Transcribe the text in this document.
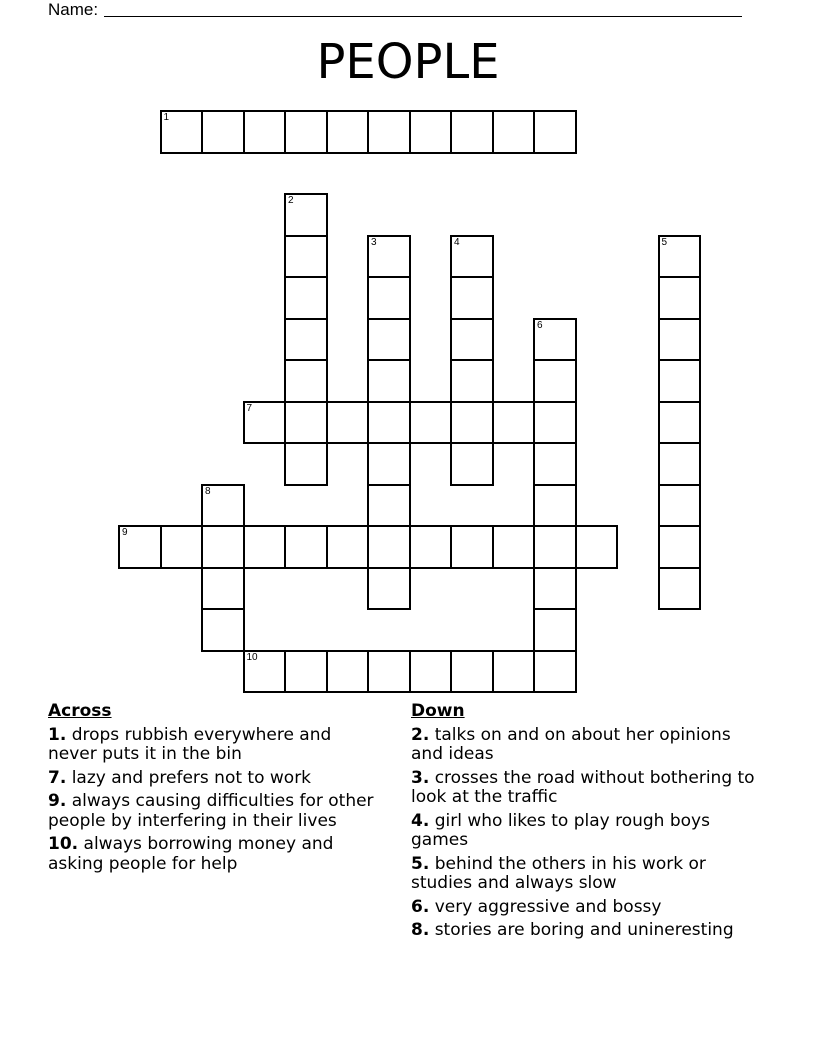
Name:
PEOPLE
1
2
3	4	5
6
7
8
9
10
Across
1. drops rubbish everywhere and never puts it in the bin
7. lazy and prefers not to work
9. always causing difficulties for other people by interfering in their lives
10. always borrowing money and asking people for help
Down
2. talks on and on about her opinions and ideas
3. crosses the road without bothering to look at the traffic
4. girl who likes to play rough boys games
5. behind the others in his work or studies and always slow
6. very aggressive and bossy
8. stories are boring and unineresting
